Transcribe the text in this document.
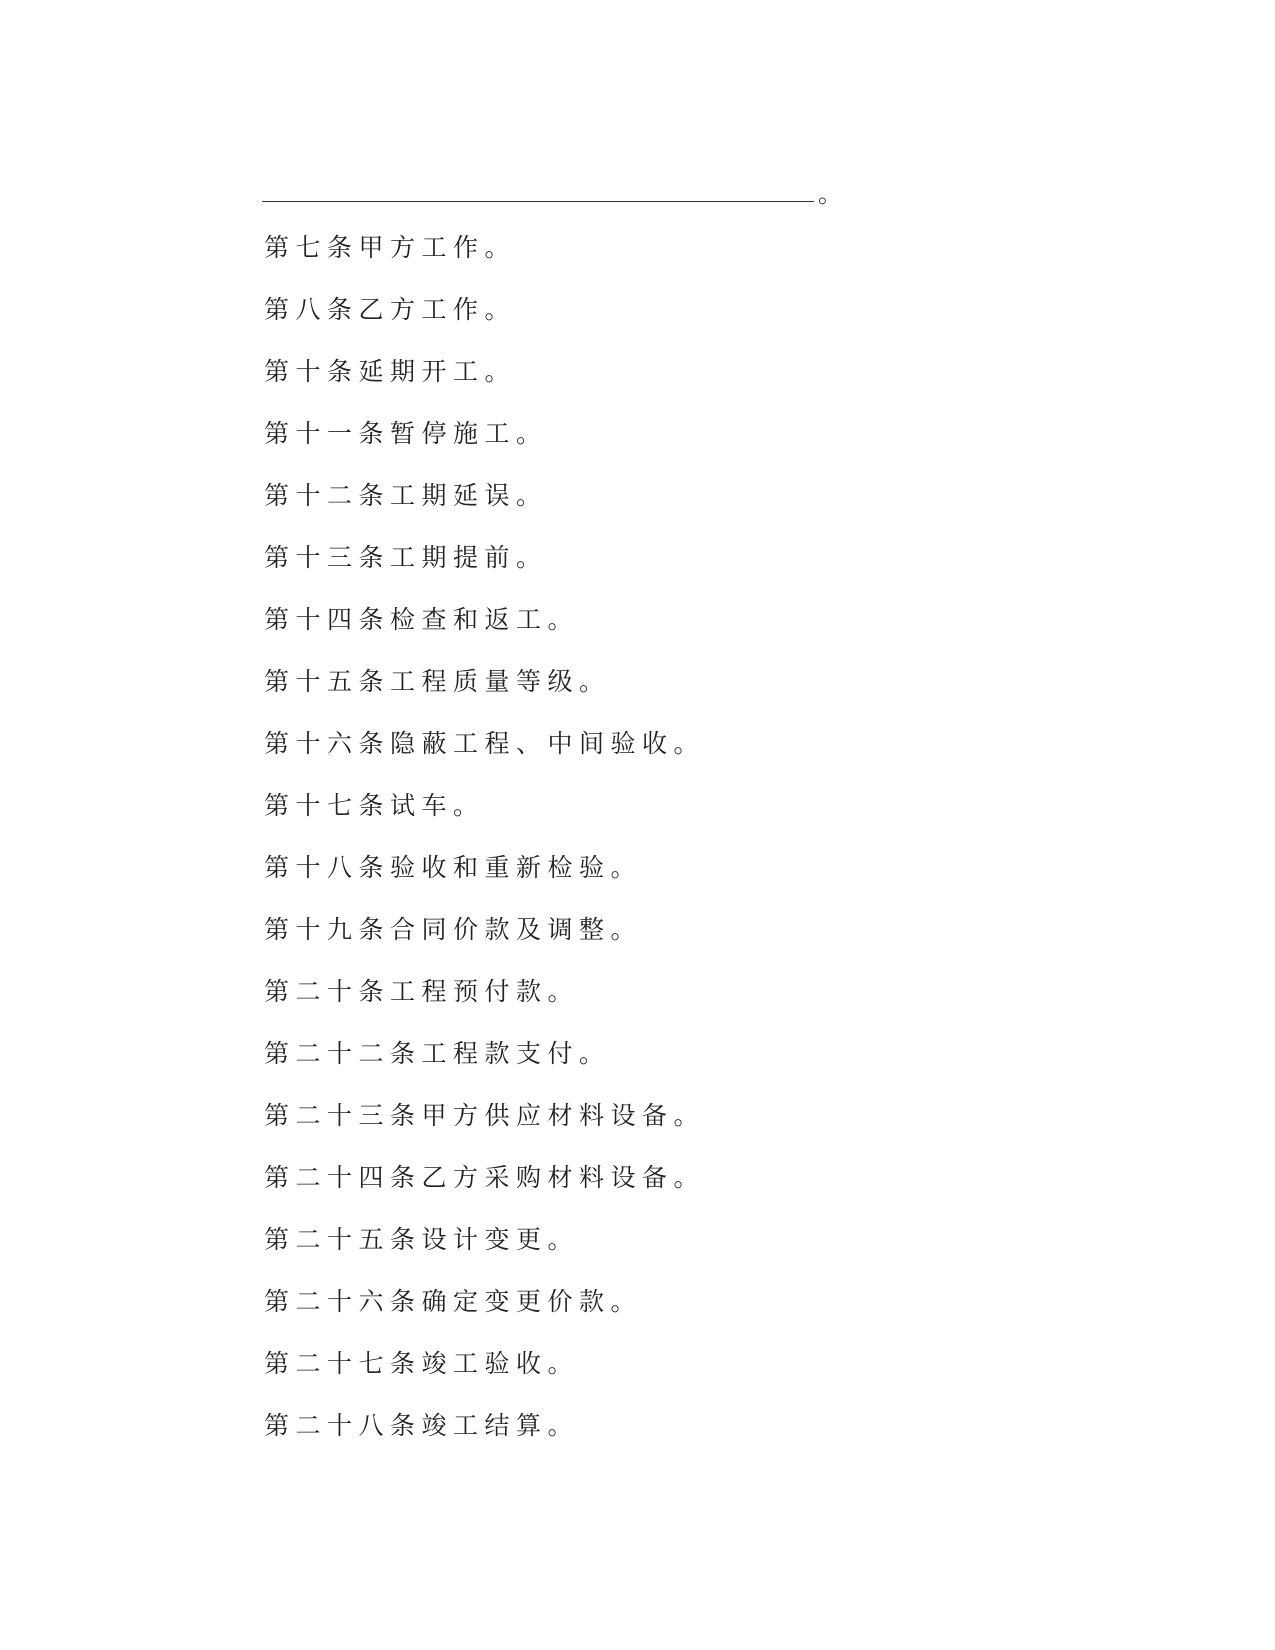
。
第七条甲方工作。
第八条乙方工作。
第十条延期开工。
第十一条暂停施工。
第十二条工期延误。
第十三条工期提前。
第十四条检查和返工。
第十五条工程质量等级。
第十六条隐蔽工程、中间验收。
第十七条试车。
第十八条验收和重新检验。
第十九条合同价款及调整。
第二十条工程预付款。
第二十二条工程款支付。
第二十三条甲方供应材料设备。
第二十四条乙方采购材料设备。
第二十五条设计变更。
第二十六条确定变更价款。
第二十七条竣工验收。
第二十八条竣工结算。
